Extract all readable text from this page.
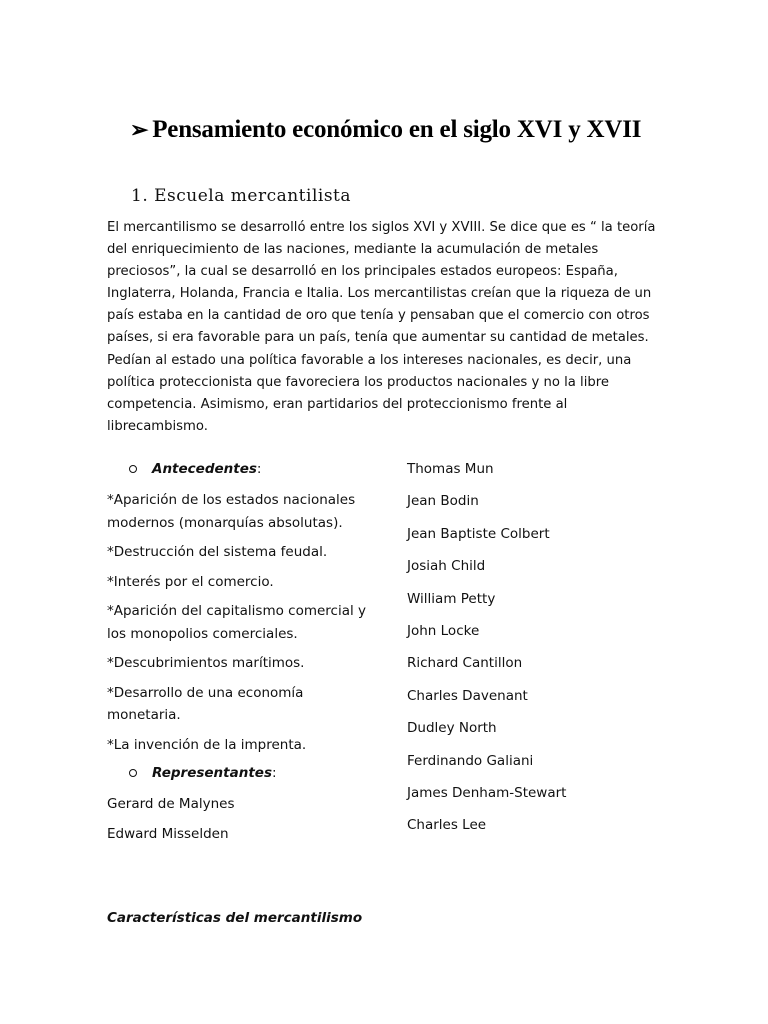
➢ Pensamiento económico en el siglo XVI y XVII
1. Escuela mercantilista

El mercantilismo se desarrolló entre los siglos XVI y XVIII. Se dice que es “ la teoría del enriquecimiento de las naciones, mediante la acumulación de metales preciosos”, la cual se desarrolló en los principales estados europeos: España, Inglaterra, Holanda, Francia e Italia. Los mercantilistas creían que la riqueza de un país estaba en la cantidad de oro que tenía y pensaban que el comercio con otros países, si era favorable para un país, tenía que aumentar su cantidad de metales. Pedían al estado una política favorable a los intereses nacionales, es decir, una política proteccionista que favoreciera los productos nacionales y no la libre competencia. Asimismo, eran partidarios del proteccionismo frente al librecambismo.

Antecedentes :

*Aparición de los estados nacionales modernos (monarquías absolutas).

*Destrucción del sistema feudal.

*Interés por el comercio.

*Aparición del capitalismo comercial y los monopolios comerciales.

*Descubrimientos marítimos.

*Desarrollo de una economía monetaria.

*La invención de la imprenta.

Representantes :

Gerard de Malynes

Edward Misselden

Thomas Mun

Jean Bodin

Jean Baptiste Colbert

Josiah Child

William Petty

John Locke

Richard Cantillon

Charles Davenant

Dudley North

Ferdinando Galiani

James Denham-Stewart

Charles Lee

Características del mercantilismo
